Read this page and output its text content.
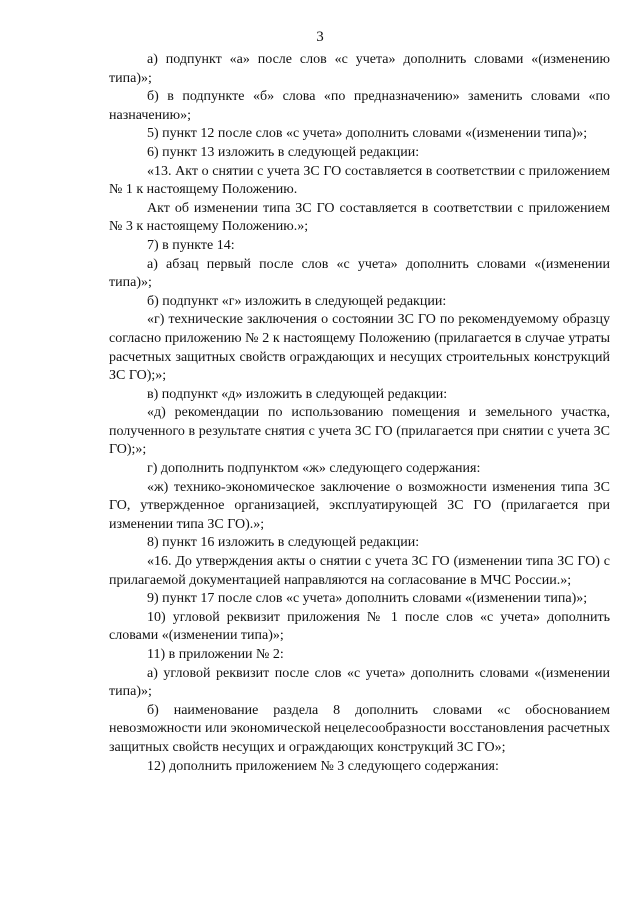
3

а) подпункт «а» после слов «с учета» дополнить словами «(изменению типа)»;

б) в подпункте «б» слова «по предназначению» заменить словами «по назначению»;

5) пункт 12 после слов «с учета» дополнить словами «(изменении типа)»;

6) пункт 13 изложить в следующей редакции:

«13. Акт о снятии с учета ЗС ГО составляется в соответствии с приложением № 1 к настоящему Положению.

Акт об изменении типа ЗС ГО составляется в соответствии с приложением № 3 к настоящему Положению.»;

7) в пункте 14:

а) абзац первый после слов «с учета» дополнить словами «(изменении типа)»;

б) подпункт «г» изложить в следующей редакции:

«г) технические заключения о состоянии ЗС ГО по рекомендуемому образцу согласно приложению № 2 к настоящему Положению (прилагается в случае утраты расчетных защитных свойств ограждающих и несущих строительных конструкций ЗС ГО);»;

в) подпункт «д» изложить в следующей редакции:

«д) рекомендации по использованию помещения и земельного участка, полученного в результате снятия с учета ЗС ГО (прилагается при снятии с учета ЗС ГО);»;

г) дополнить подпунктом «ж» следующего содержания:

«ж) технико-экономическое заключение о возможности изменения типа ЗС ГО, утвержденное организацией, эксплуатирующей ЗС ГО (прилагается при изменении типа ЗС ГО).»;

8) пункт 16 изложить в следующей редакции:

«16. До утверждения акты о снятии с учета ЗС ГО (изменении типа ЗС ГО) с прилагаемой документацией направляются на согласование в МЧС России.»;

9) пункт 17 после слов «с учета» дополнить словами «(изменении типа)»;

10) угловой реквизит приложения № 1 после слов «с учета» дополнить словами «(изменении типа)»;

11) в приложении № 2:

а) угловой реквизит после слов «с учета» дополнить словами «(изменении типа)»;

б) наименование раздела 8 дополнить словами «с обоснованием невозможности или экономической нецелесообразности восстановления расчетных защитных свойств несущих и ограждающих конструкций ЗС ГО»;

12) дополнить приложением № 3 следующего содержания:
